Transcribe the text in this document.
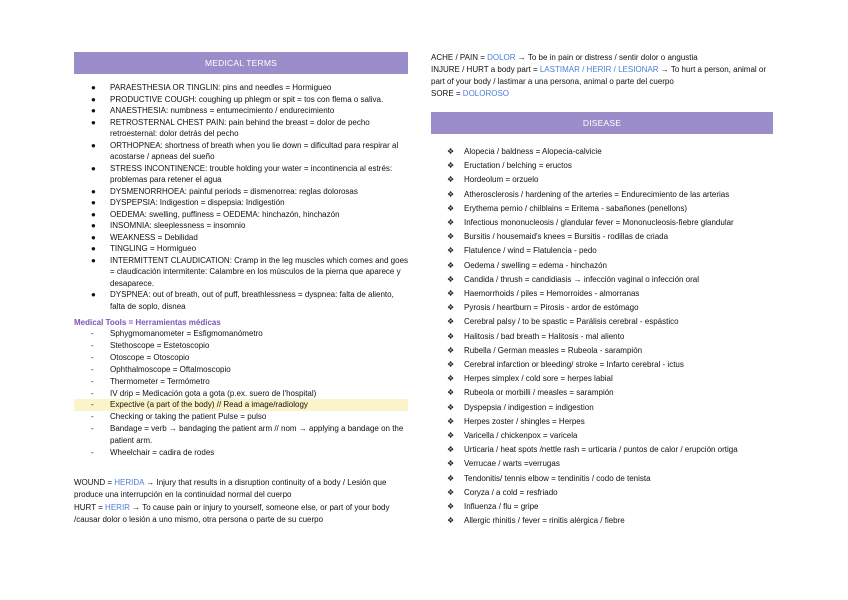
MEDICAL TERMS
● PARAESTHESIA OR TINGLIN: pins and needles = Hormigueo
● PRODUCTIVE COUGH: coughing up phlegm or spit = tos con flema o saliva.
● ANAESTHESIA: numbness = entumecimiento / endurecimiento
● RETROSTERNAL CHEST PAIN: pain behind the breast = dolor de pecho retroesternal: dolor detrás del pecho
● ORTHOPNEA: shortness of breath when you lie down = dificultad para respirar al acostarse / apneas del sueño
● STRESS INCONTINENCE: trouble holding your water = incontinencia al estrés: problemas para retener el agua
● DYSMENORRHOEA: painful periods = dismenorrea: reglas dolorosas
● DYSPEPSIA: Indigestion = dispepsia: Indigestión
● OEDEMA: swelling, puffiness = OEDEMA: hinchazón, hinchazón
● INSOMNIA: sleeplessness = insomnio
● WEAKNESS = Debilidad
● TINGLING = Hormigueo
● INTERMITTENT CLAUDICATION: Cramp in the leg muscles which comes and goes = claudicación intermitente: Calambre en los músculos de la pierna que aparece y desaparece.
● DYSPNEA: out of breath, out of puff, breathlessness = dyspnea: falta de aliento, falta de soplo, disnea
Medical Tools = Herramientas médicas
- Sphygmomanometer = Esfigmomanómetro
- Stethoscope = Estetoscopio
- Otoscope = Otoscopio
- Ophthalmoscope = Oftalmoscopio
- Thermometer = Termómetro
- IV drip = Medicación gota a gota (p.ex. suero de l'hospital)
- Expective (a part of the body) // Read a image/radiology
- Checking or taking the patient Pulse = pulso
- Bandage = verb → bandaging the patient arm // nom → applying a bandage on the patient arm.
- Wheelchair = cadira de rodes

WOUND = HERIDA → Injury that results in a disruption continuity of a body / Lesión que produce una interrupción en la continuidad normal del cuerpo

HURT = HERIR → To cause pain or injury to yourself, someone else, or part of your body /causar dolor o lesión a uno mismo, otra persona o parte de su cuerpo

ACHE / PAIN = DOLOR → To be in pain or distress / sentir dolor o angustia

INJURE / HURT a body part = LASTIMAR / HERIR / LESIONAR → To hurt a person, animal or part of your body / lastimar a una persona, animal o parte del cuerpo

SORE = DOLOROSO

DISEASE
❖ Alopecia / baldness = Alopecia-calvicie
❖ Eructation / belching = eructos
❖ Hordeolum = orzuelo
❖ Atherosclerosis / hardening of the arteries = Endurecimiento de las arterias
❖ Erythema pernio / chilblains = Eritema - sabañones (penellons)
❖ Infectious mononucleosis / glandular fever = Mononucleosis-fiebre glandular
❖ Bursitis / housemaid's knees = Bursitis - rodillas de criada
❖ Flatulence / wind = Flatulencia - pedo
❖ Oedema / swelling = edema - hinchazón
❖ Candida / thrush = candidiasis → infección vaginal o infección oral
❖ Haemorrhoids / piles = Hemorroides - almorranas
❖ Pyrosis / heartburn = Pirosis - ardor de estómago
❖ Cerebral palsy / to be spastic = Parálisis cerebral - espástico
❖ Halitosis / bad breath = Halitosis - mal aliento
❖ Rubella / German measles = Rubeola - sarampión
❖ Cerebral infarction or bleeding/ stroke = Infarto cerebral - ictus
❖ Herpes simplex / cold sore = herpes labial
❖ Rubeola or morbilli / measles = sarampión
❖ Dyspepsia / indigestion = indigestion
❖ Herpes zoster / shingles = Herpes
❖ Varicella / chickenpox = varicela
❖ Urticaria / heat spots /nettle rash = urticaria / puntos de calor / erupción ortiga
❖ Verrucae / warts =verrugas
❖ Tendonitis/ tennis elbow = tendinitis / codo de tenista
❖ Coryza / a cold = resfriado
❖ Influenza / flu = gripe
❖ Allergic rhinitis / fever = rinitis alérgica / fiebre
